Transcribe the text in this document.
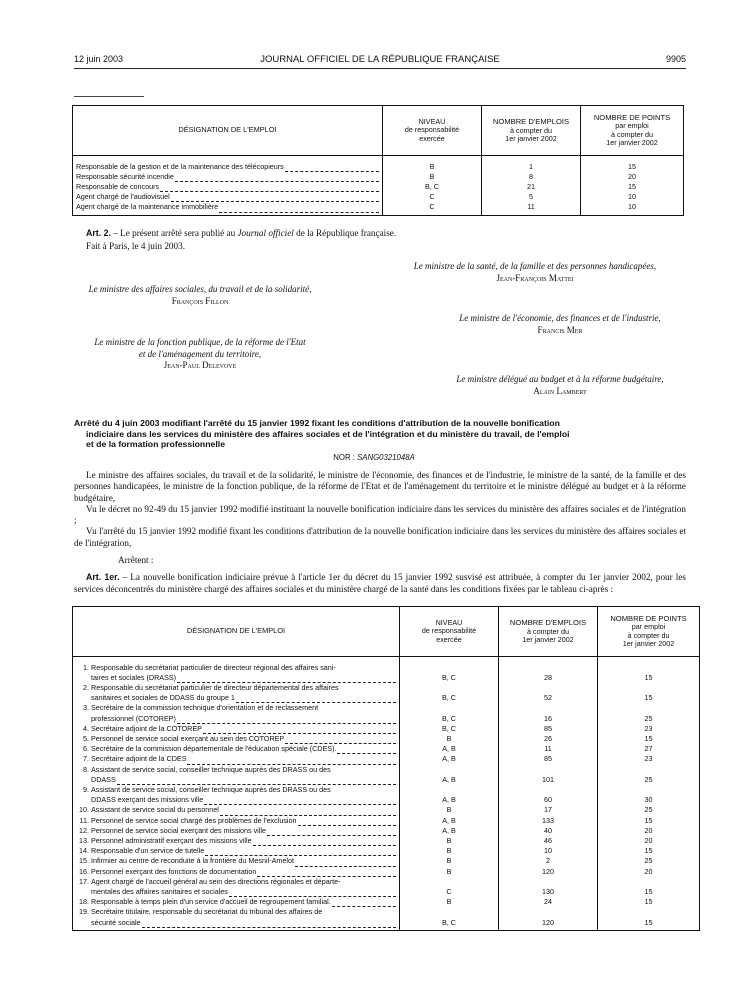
12 juin 2003	JOURNAL OFFICIEL DE LA RÉPUBLIQUE FRANÇAISE	9905
DÉSIGNATION DE L'EMPLOI	NIVEAU
de responsabilité
exercée	NOMBRE D'EMPLOIS
à compter du
1er janvier 2002	NOMBRE DE POINTS
par emploi
à compter du
1er janvier 2002

Responsable de la gestion et de la maintenance des télécopieurs	B	1	15

Responsable sécurité incendie	B	8	20

Responsable de concours	B, C	21	15

Agent chargé de l'audiovisuel	C	5	10

Agent chargé de la maintenance immobilière	C	11	10

Art. 2. – Le présent arrêté sera publié au Journal officiel de la République française.

Fait à Paris, le 4 juin 2003.

Le ministre de la santé, de la famille et des personnes handicapées,
Jean-François Mattei
Le ministre des affaires sociales, du travail et de la solidarité,
François Fillon
Le ministre de l'économie, des finances et de l'industrie,
Francis Mer
Le ministre de la fonction publique, de la réforme de l'Etat
et de l'aménagement du territoire,
Jean-Paul Delevoye
Le ministre délégué au budget et à la réforme budgétaire,
Alain Lambert
Arrêté du 4 juin 2003 modifiant l'arrêté du 15 janvier 1992 fixant les conditions d'attribution de la nouvelle bonification
indiciaire dans les services du ministère des affaires sociales et de l'intégration et du ministère du travail, de l'emploi
et de la formation professionnelle
NOR : SANG0321048A

Le ministre des affaires sociales, du travail et de la solidarité, le ministre de l'économie, des finances et de l'industrie, le ministre de la santé, de la famille et des personnes handicapées, le ministre de la fonction publique, de la réforme de l'Etat et de l'aménagement du territoire et le ministre délégué au budget et à la réforme budgétaire,

Vu le décret no 92-49 du 15 janvier 1992 modifié instituant la nouvelle bonification indiciaire dans les services du ministère des affaires sociales et de l'intégration ;

Vu l'arrêté du 15 janvier 1992 modifié fixant les conditions d'attribution de la nouvelle bonification indiciaire dans les services du ministère des affaires sociales et de l'intégration,

Arrêtent :

Art. 1er. – La nouvelle bonification indiciaire prévue à l'article 1er du décret du 15 janvier 1992 susvisé est attribuée, à compter du 1er janvier 2002, pour les services déconcentrés du ministère chargé des affaires sociales et du ministère chargé de la santé dans les conditions fixées par le tableau ci-après :

DÉSIGNATION DE L'EMPLOI	NIVEAU
de responsabilité
exercée	NOMBRE D'EMPLOIS
à compter du
1er janvier 2002	NOMBRE DE POINTS
par emploi
à compter du
1er janvier 2002

1. Responsable du secrétariat particulier de directeur régional des affaires sani-
taires et sociales (DRASS)	B, C	28	15

2. Responsable du secrétariat particulier de directeur départemental des affaires
sanitaires et sociales de DDASS du groupe 1	B, C	52	15

3. Secrétaire de la commission technique d'orientation et de reclassement
professionnel (COTOREP)	B, C	16	25

4. Secrétaire adjoint de la COTOREP	B, C	85	23

5. Personnel de service social exerçant au sein des COTOREP	B	26	15

6. Secrétaire de la commission départementale de l'éducation spéciale (CDES).	A, B	11	27

7. Secrétaire adjoint de la CDES	A, B	85	23

8. Assistant de service social, conseiller technique auprès des DRASS ou des
DDASS	A, B	101	25

9. Assistant de service social, conseiller technique auprès des DRASS ou des
DDASS exerçant des missions ville	A, B	60	30

10. Assistant de service social du personnel	B	17	25

11. Personnel de service social chargé des problèmes de l'exclusion	A, B	133	15

12. Personnel de service social exerçant des missions ville	A, B	40	20

13. Personnel administratif exerçant des missions ville	B	46	20

14. Responsable d'un service de tutelle	B	10	15

15. Infirmier au centre de reconduite à la frontière du Mesnil-Amelot	B	2	25

16. Personnel exerçant des fonctions de documentation	B	120	20

17. Agent chargé de l'accueil général au sein des directions régionales et départe-
mentales des affaires sanitaires et sociales	C	130	15

18. Responsable à temps plein d'un service d'accueil de regroupement familial.	B	24	15

19. Secrétaire titulaire, responsable du secrétariat du tribunal des affaires de
sécurité sociale	B, C	120	15
